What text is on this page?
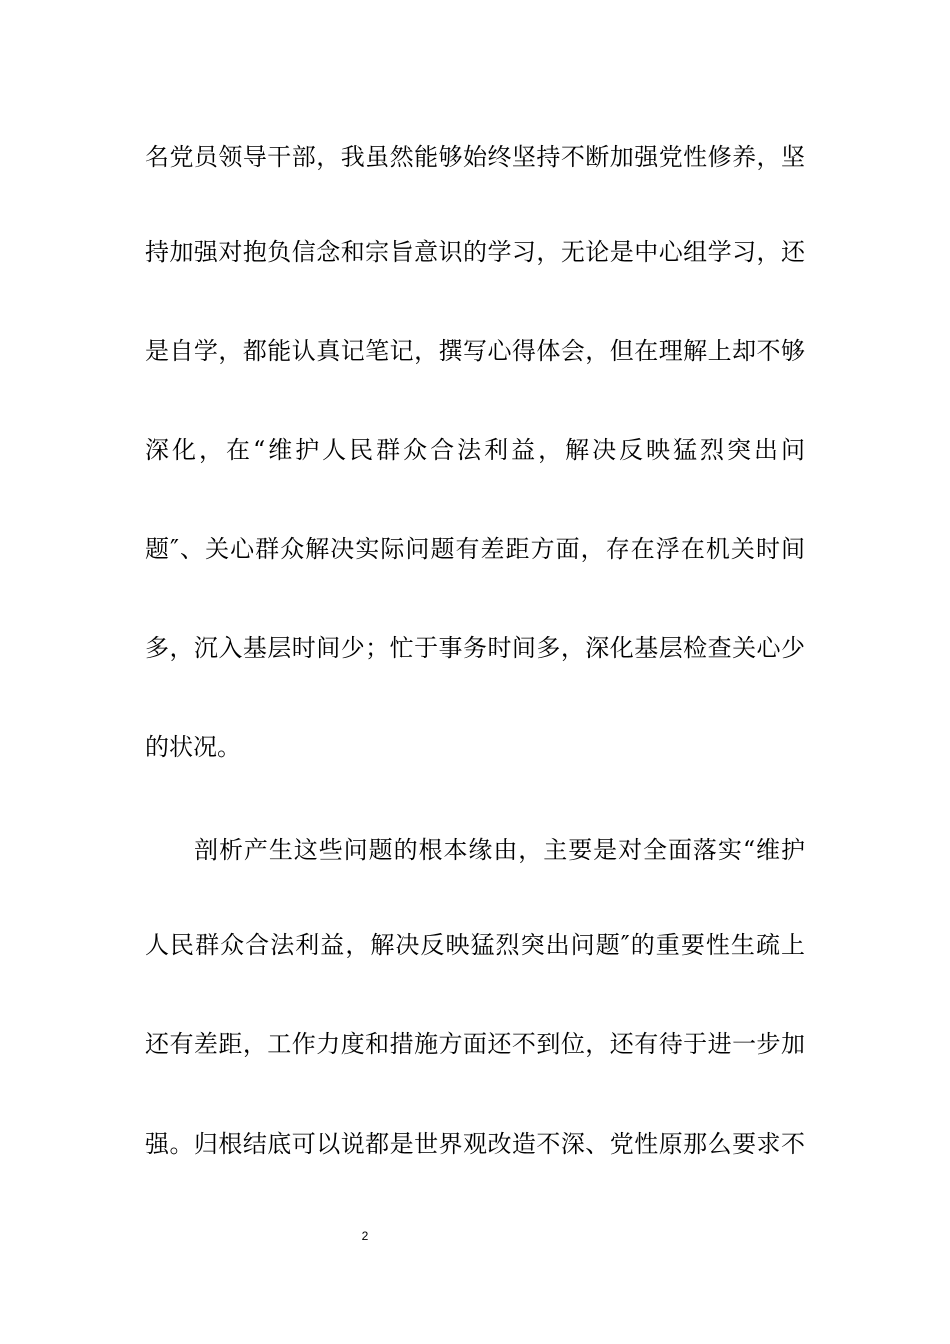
名党员领导干部，我虽然能够始终坚持不断加强党性修养，坚
持加强对抱负信念和宗旨意识的学习，无论是中心组学习，还
是自学，都能认真记笔记，撰写心得体会，但在理解上却不够
深化，在“维护人民群众合法利益，解决反映猛烈突出问
题″、关心群众解决实际问题有差距方面，存在浮在机关时间
多，沉入基层时间少；忙于事务时间多，深化基层检查关心少
的状况。
剖析产生这些问题的根本缘由，主要是对全面落实“维护
人民群众合法利益，解决反映猛烈突出问题″的重要性生疏上
还有差距，工作力度和措施方面还不到位，还有待于进一步加
强。归根结底可以说都是世界观改造不深、党性原那么要求不
2
